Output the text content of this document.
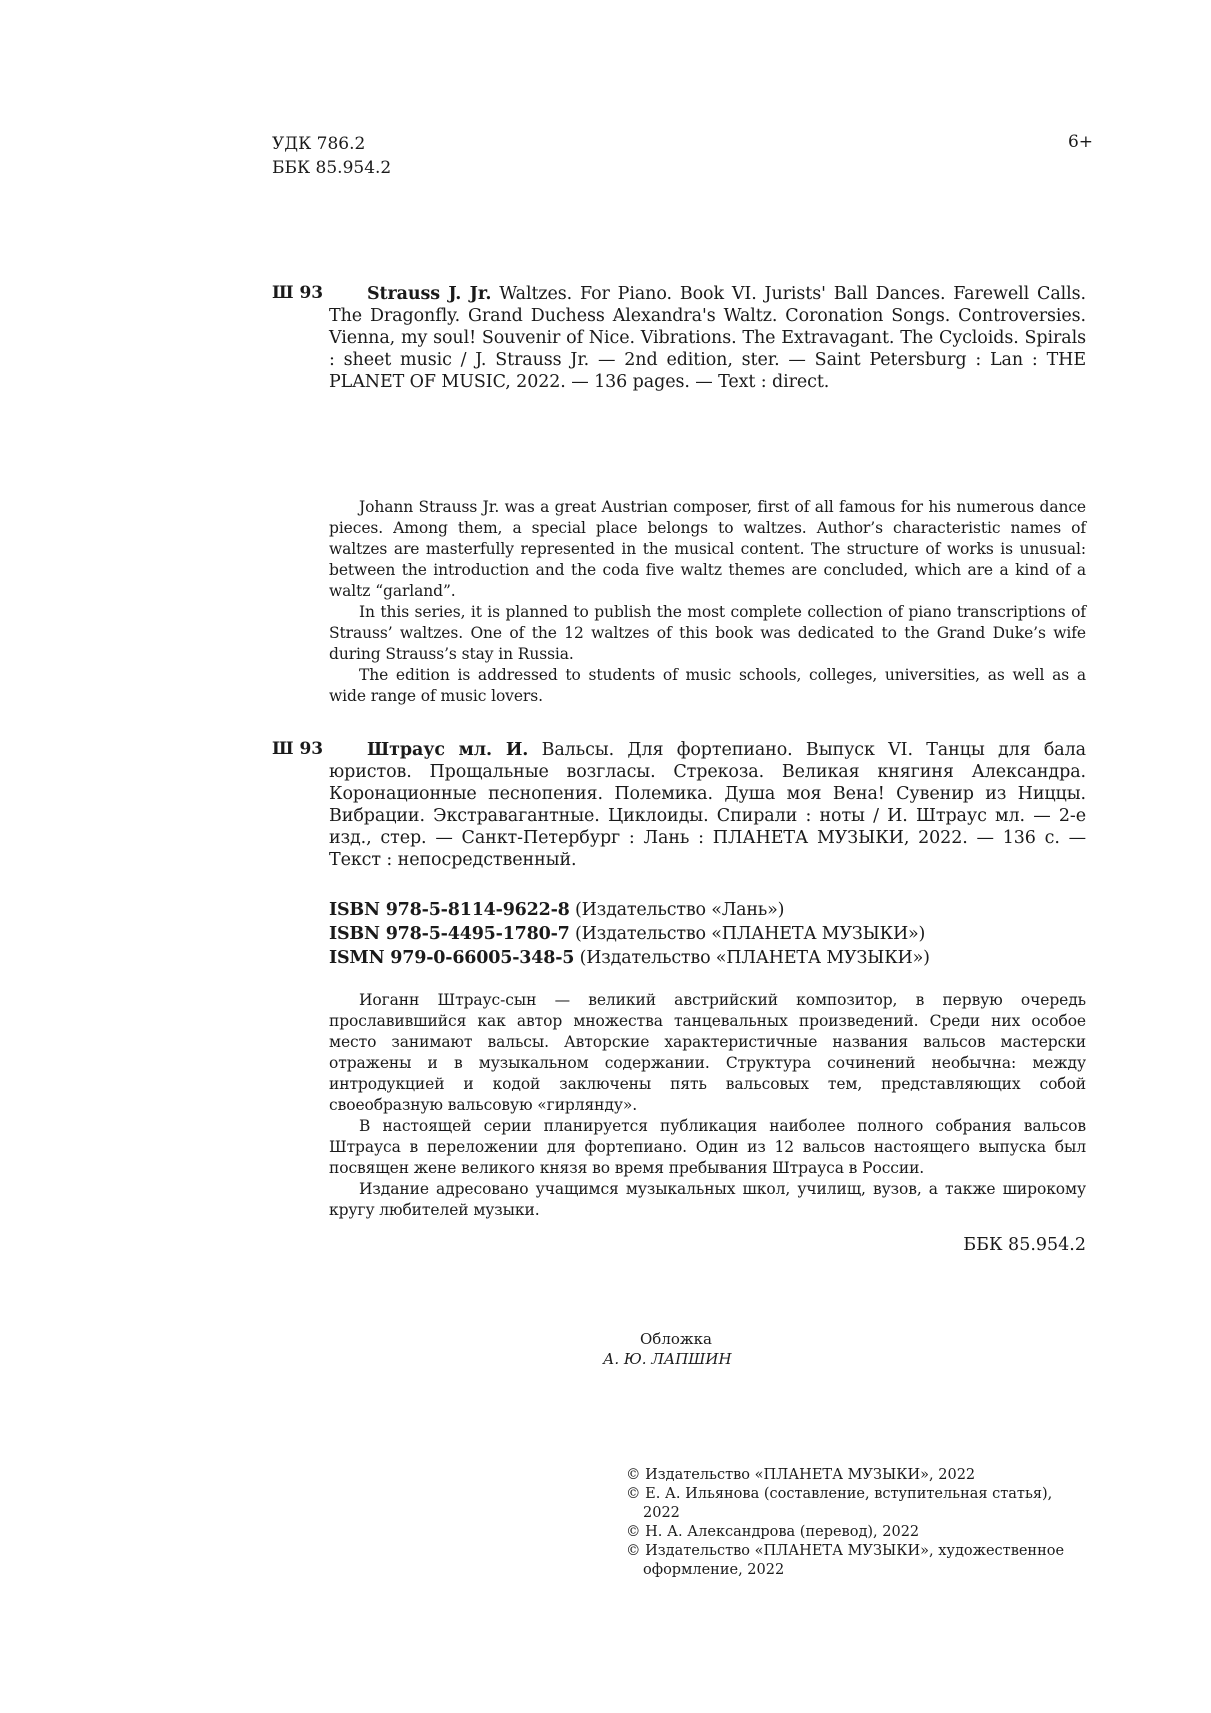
УДК 786.2
ББК 85.954.2
6+
Ш 93	Strauss J. Jr. Waltzes. For Piano. Book VI. Jurists' Ball Dances. Farewell Calls. The Dragonfly. Grand Duchess Alexandra's Waltz. Coronation Songs. Controversies. Vienna, my soul! Souvenir of Nice. Vibrations. The Extravagant. The Cycloids. Spirals : sheet music / J. Strauss Jr. — 2nd edition, ster. — Saint Petersburg : Lan : THE PLANET OF MUSIC, 2022. — 136 pages. — Text : direct.

Johann Strauss Jr. was a great Austrian composer, first of all famous for his numerous dance pieces. Among them, a special place belongs to waltzes. Author’s characteristic names of waltzes are masterfully represented in the musical content. The structure of works is unusual: between the introduction and the coda five waltz themes are concluded, which are a kind of a waltz “garland”.

In this series, it is planned to publish the most complete collection of piano transcriptions of Strauss’ waltzes. One of the 12 waltzes of this book was dedicated to the Grand Duke’s wife during Strauss’s stay in Russia.

The edition is addressed to students of music schools, colleges, universities, as well as a wide range of music lovers.

Ш 93	Штраус мл. И. Вальсы. Для фортепиано. Выпуск VI. Танцы для бала юристов. Прощальные возгласы. Стрекоза. Великая княгиня Александра. Коронационные песнопения. Полемика. Душа моя Вена! Сувенир из Ниццы. Вибрации. Экстравагантные. Циклоиды. Спирали : ноты / И. Штраус мл. — 2-е изд., стер. — Санкт-Петербург : Лань : ПЛАНЕТА МУЗЫКИ, 2022. — 136 с. — Текст : непосредственный.
ISBN 978-5-8114-9622-8 (Издательство «Лань»)
ISBN 978-5-4495-1780-7 (Издательство «ПЛАНЕТА МУЗЫКИ»)
ISMN 979-0-66005-348-5 (Издательство «ПЛАНЕТА МУЗЫКИ»)

Иоганн Штраус-сын — великий австрийский композитор, в первую очередь прославившийся как автор множества танцевальных произведений. Среди них особое место занимают вальсы. Авторские характеристичные названия вальсов мастерски отражены и в музыкальном содержании. Структура сочинений необычна: между интродукцией и кодой заключены пять вальсовых тем, представляющих собой своеобразную вальсовую «гирлянду».

В настоящей серии планируется публикация наиболее полного собрания вальсов Штрауса в переложении для фортепиано. Один из 12 вальсов настоящего выпуска был посвящен жене великого князя во время пребывания Штрауса в России.

Издание адресовано учащимся музыкальных школ, училищ, вузов, а также широкому кругу любителей музыки.

ББК 85.954.2
Обложка
А. Ю. ЛАПШИН
© Издательство «ПЛАНЕТА МУЗЫКИ», 2022
© Е. А. Ильянова (составление, вступительная статья), 2022
© Н. А. Александрова (перевод), 2022
© Издательство «ПЛАНЕТА МУЗЫКИ», художественное оформление, 2022
